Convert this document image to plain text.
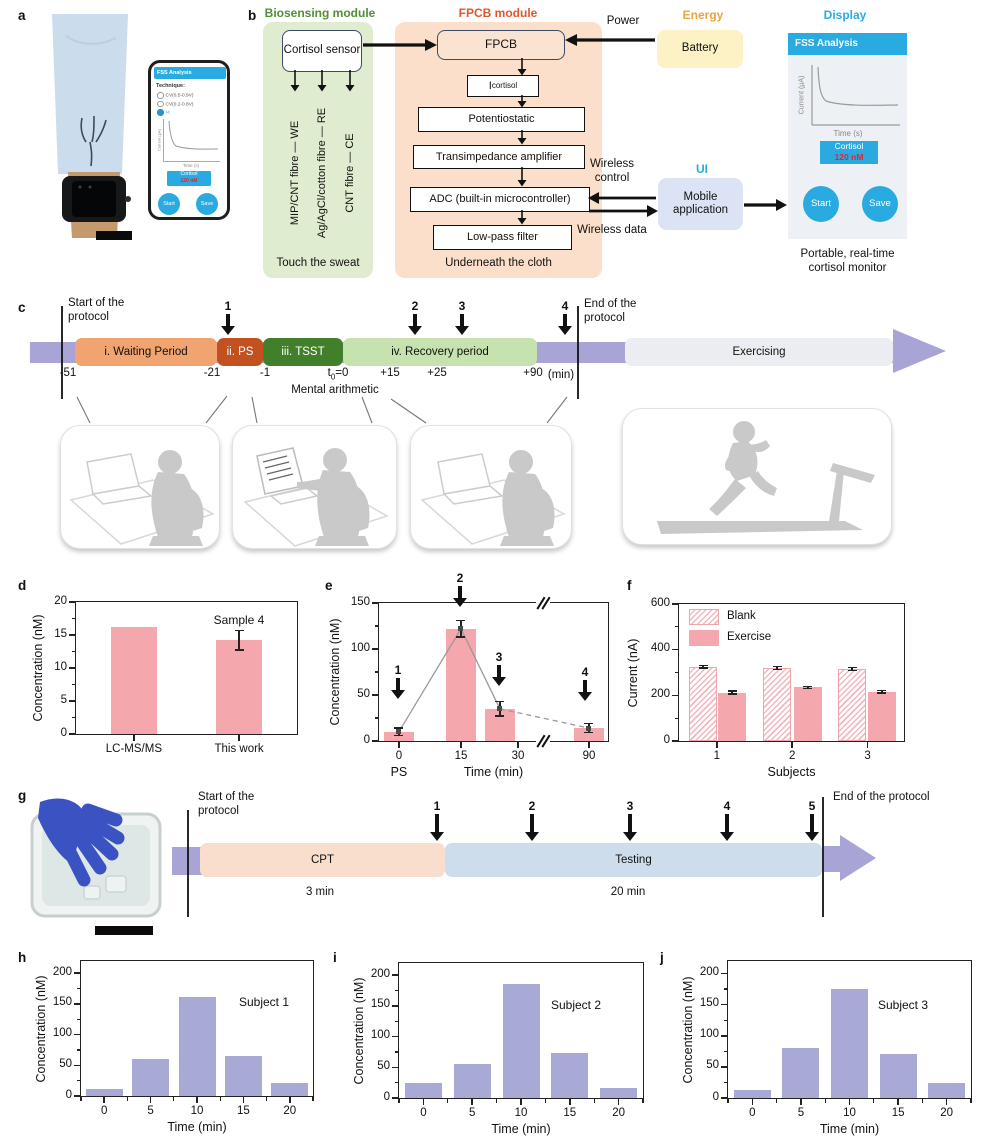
a	b
c
d	e	f
g
h	i	j
FSS Analysis
Technique:
CV(0.5-0.9V)
CV(0.2-0.8V)
I-t
Current (µA)
Time (s)
Cortisol
120 nM
Start	Save
Biosensing module	FPCB module	Energy	Display
Cortisol sensor
MIP/CNT fibre — WE Ag/AgCl/cotton fibre — RE CNT fibre — CE
Touch the sweat
FPCB
I cortisol
Potentiostatic
Transimpedance amplifier
ADC (built-in microcontroller)
Low-pass filter
Underneath the cloth
Power
Battery
Wireless control
Wireless data
UI
Mobile application
FSS Analysis
Current (µA)
Time (s)
Cortisol
120 nM
Start	Save
Portable, real-time
cortisol monitor
i. Waiting Period	ii. PS	iii. TSST	iv. Recovery period	Exercising
-51	-21	-1	$t_0=0$	+15	+25	+90
Start of the protocol
End of the protocol
Mental arithmetic
(min)
CPT	Testing
Start of the protocol
End of the protocol
3 min	20 min
0
5
10
15
20
LC-MS/MS	This work
Sample 4
Concentration (nM)
0
50
100
150
0	15	30	90
Concentration (nM)
Time (min)
PS
0
200
400
600
1	2	3
Blank
Exercise
Current (nA)
Subjects
0
50
100
150
200
0	5	10	15	20
Subject 1
Concentration (nM)
Time (min)
0
50
100
150
200
0	5	10	15	20
Subject 2
Concentration (nM)
Time (min)
0
50
100
150
200
0	5	10	15	20
Subject 3
Concentration (nM)
Time (min)
1	2	3	4
1
2
3
4
1	2	3	4	5
